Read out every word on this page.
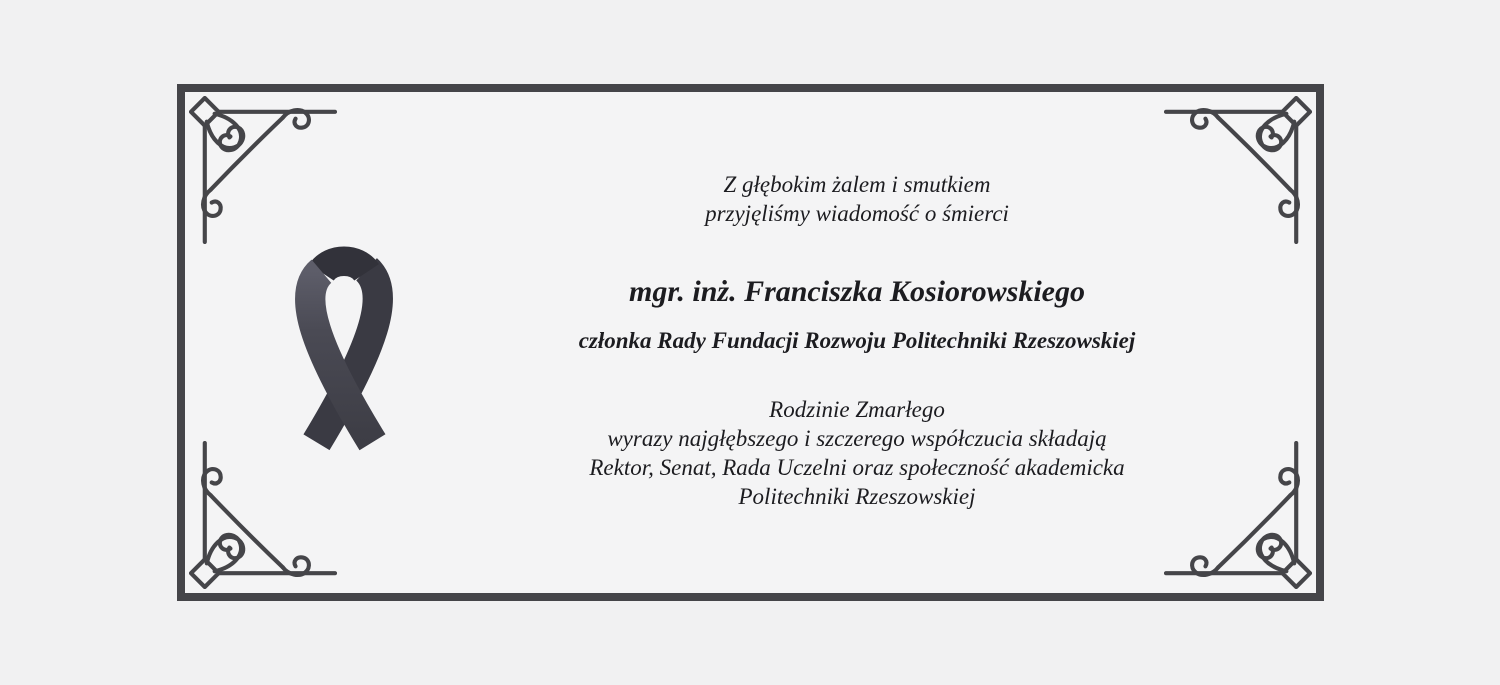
Z głębokim żalem i smutkiem
przyjęliśmy wiadomość o śmierci
mgr. inż. Franciszka Kosiorowskiego
członka Rady Fundacji Rozwoju Politechniki Rzeszowskiej
Rodzinie Zmarłego
wyrazy najgłębszego i szczerego współczucia składają
Rektor, Senat, Rada Uczelni oraz społeczność akademicka
Politechniki Rzeszowskiej
